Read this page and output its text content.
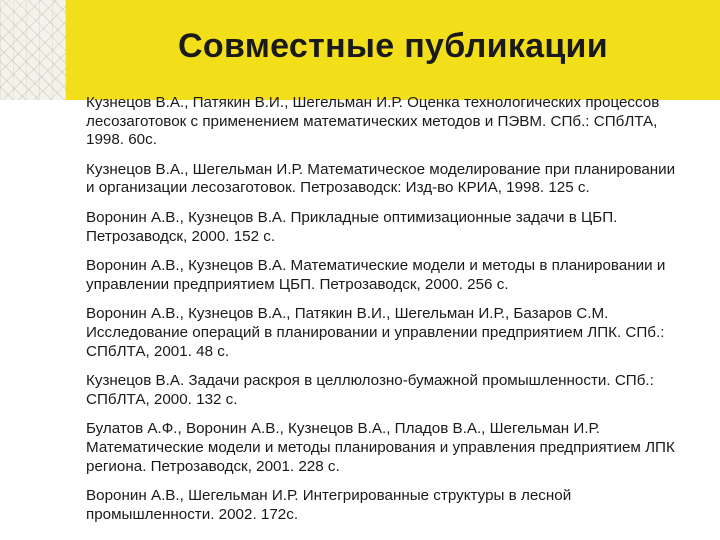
Совместные публикации
Кузнецов В.А., Патякин В.И., Шегельман И.Р. Оценка технологических процессов лесозаготовок с применением математических методов и ПЭВМ. СПб.: СПбЛТА, 1998. 60с.
Кузнецов В.А., Шегельман И.Р. Математическое моделирование при планировании и организации лесозаготовок. Петрозаводск: Изд-во КРИА, 1998. 125 с.
Воронин А.В., Кузнецов В.А. Прикладные оптимизационные задачи в ЦБП. Петрозаводск, 2000. 152 с.
Воронин А.В., Кузнецов В.А. Математические модели и методы в планировании и управлении предприятием ЦБП. Петрозаводск, 2000. 256 с.
Воронин А.В., Кузнецов В.А., Патякин В.И., Шегельман И.Р., Базаров С.М. Исследование операций в планировании и управлении предприятием ЛПК. СПб.: СПбЛТА, 2001. 48 с.
Кузнецов В.А. Задачи раскроя в целлюлозно-бумажной промышленности. СПб.: СПбЛТА, 2000. 132 с.
Булатов А.Ф., Воронин А.В., Кузнецов В.А., Пладов В.А., Шегельман И.Р. Математические модели и методы планирования и управления предприятием ЛПК региона. Петрозаводск, 2001. 228 с.
Воронин А.В., Шегельман И.Р. Интегрированные структуры в лесной промышленности. 2002. 172с.
